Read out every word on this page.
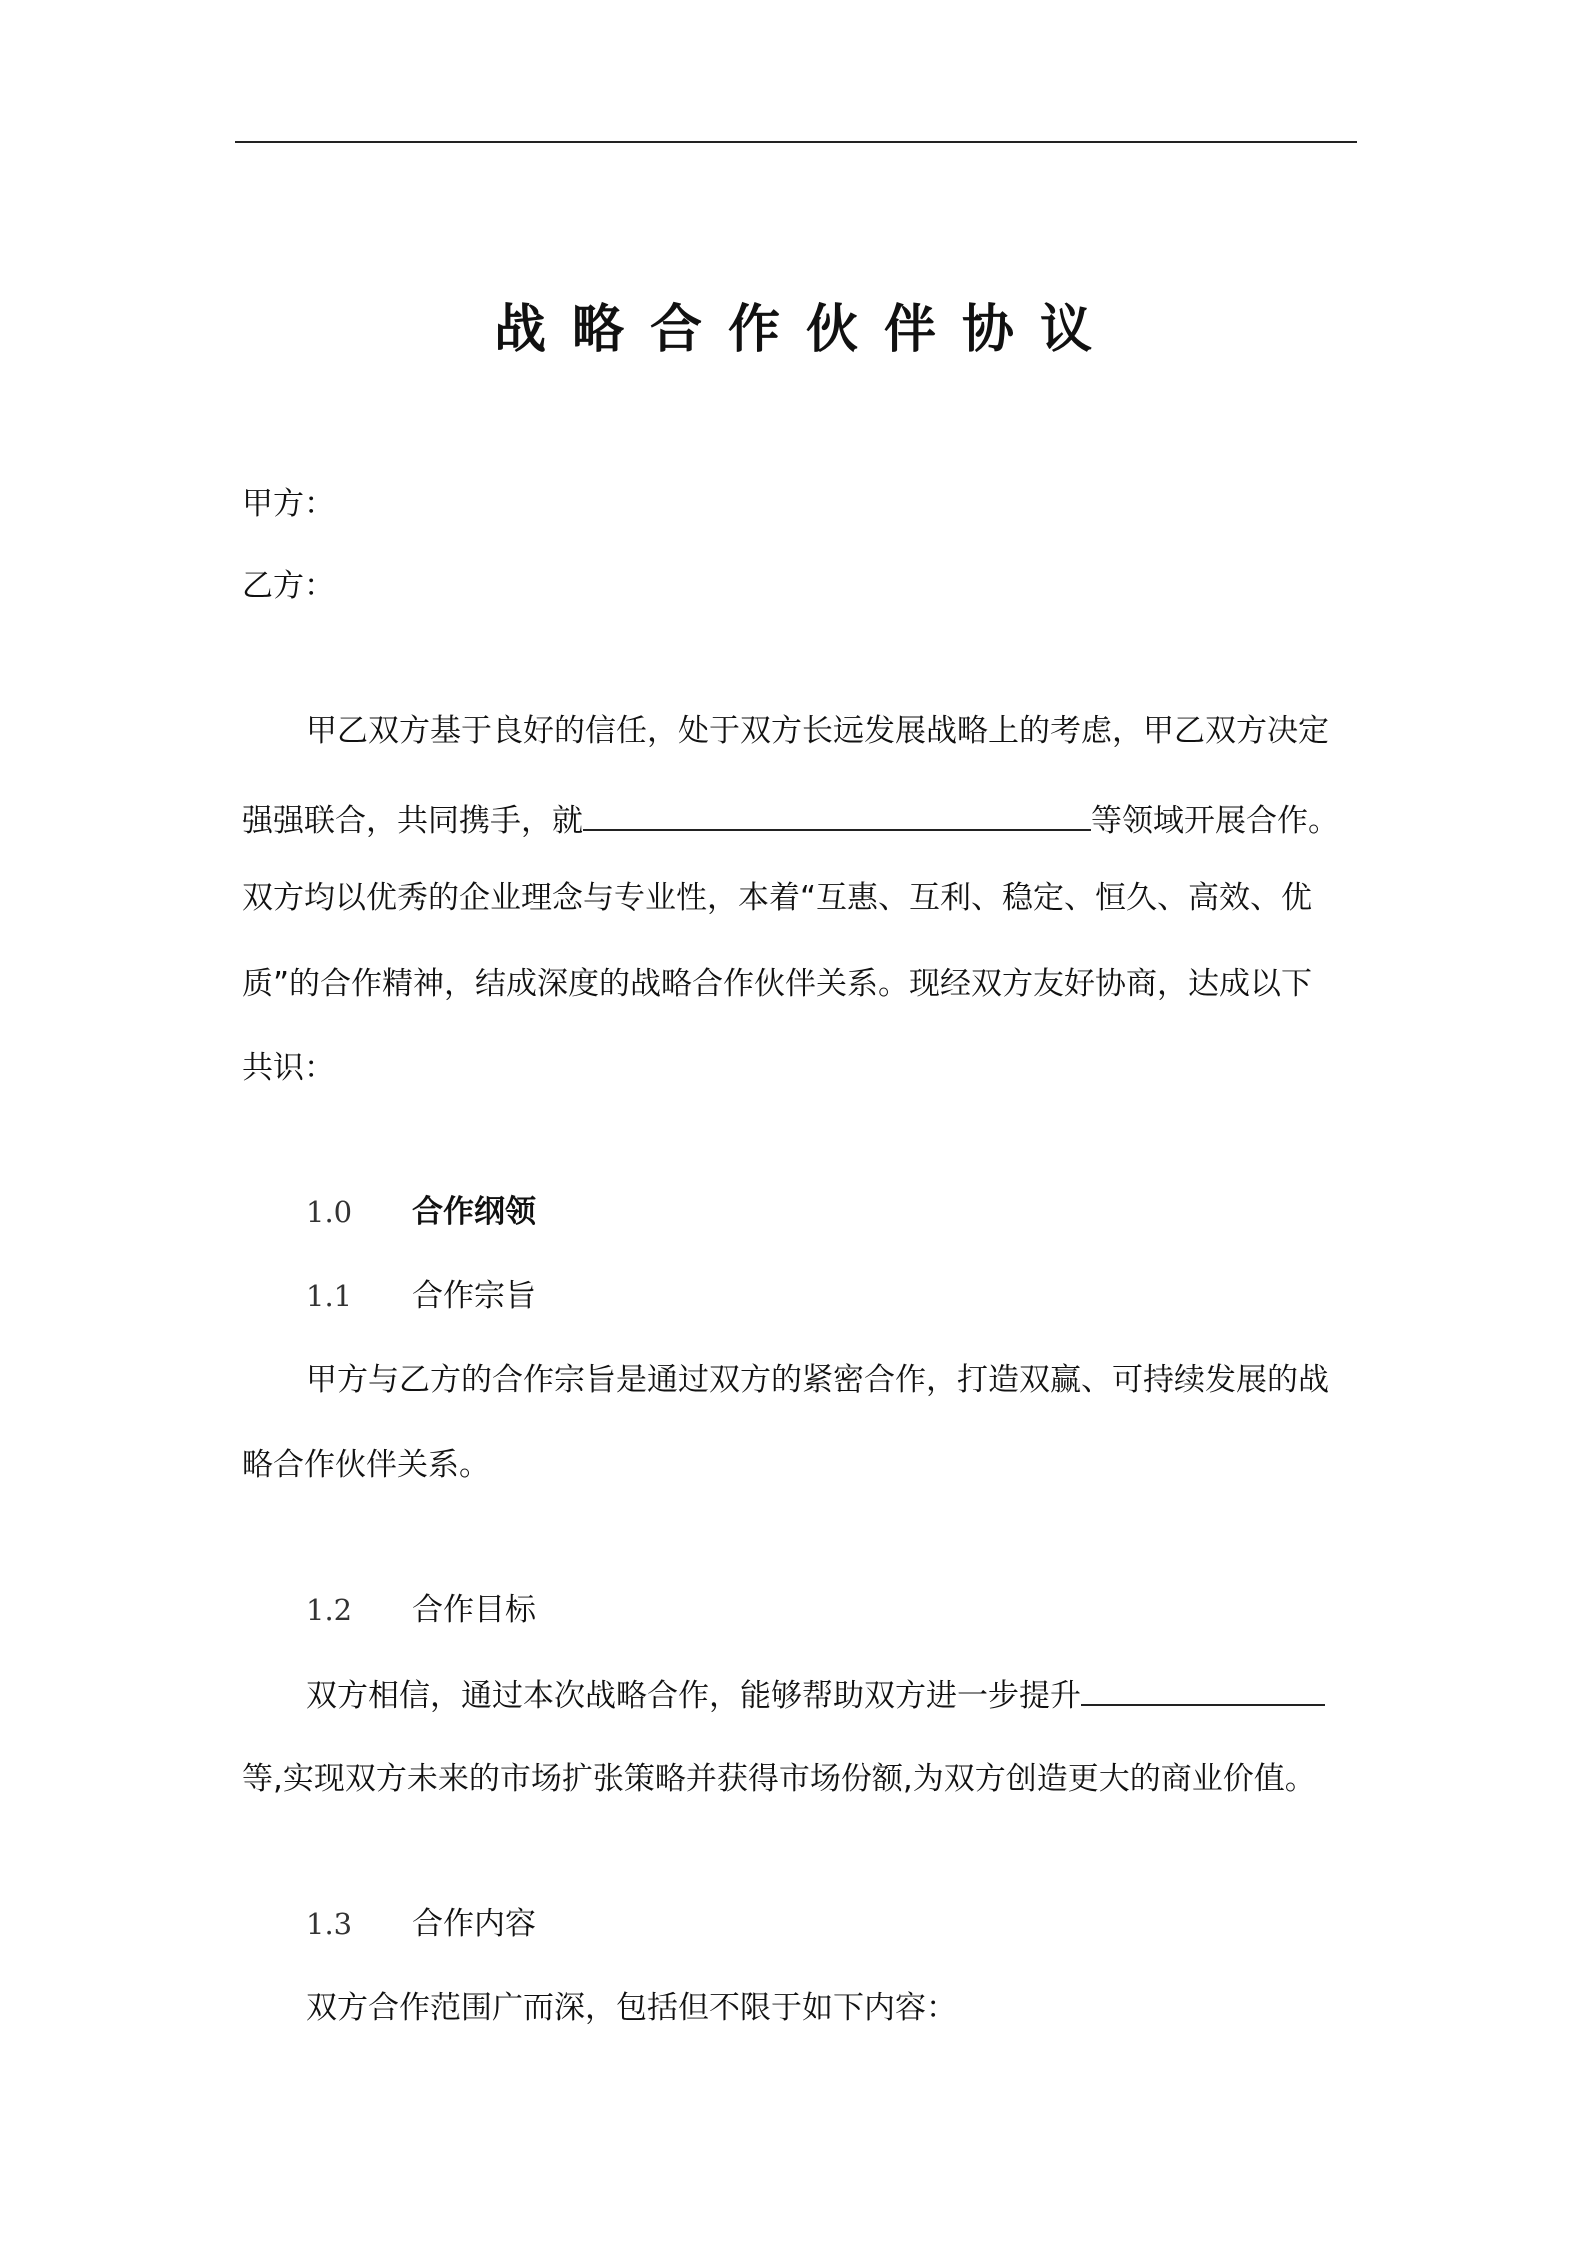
战略合作伙伴协议
甲方：
乙方：
甲乙双方基于良好的信任，处于双方长远发展战略上的考虑，甲乙双方决定
强强联合，共同携手，就	等领域开展合作。
双方均以优秀的企业理念与专业性，本着“互惠、互利、稳定、恒久、高效、优
质”的合作精神，结成深度的战略合作伙伴关系。现经双方友好协商，达成以下
共识：
1.0 合作纲领
1.1 合作宗旨
甲方与乙方的合作宗旨是通过双方的紧密合作，打造双赢、可持续发展的战
略合作伙伴关系。
1.2 合作目标
双方相信，通过本次战略合作，能够帮助双方进一步提升
等,实现双方未来的市场扩张策略并获得市场份额,为双方创造更大的商业价值。
1.3 合作内容
双方合作范围广而深，包括但不限于如下内容：
